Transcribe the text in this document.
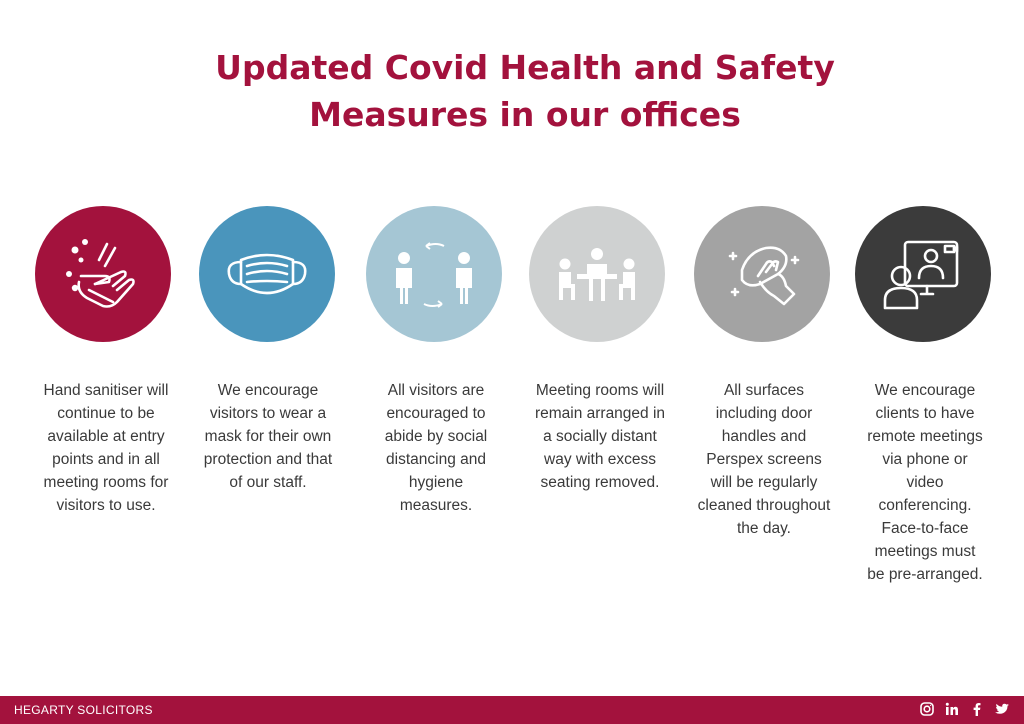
Updated Covid Health and Safety
Measures in our offices
Hand sanitiser will
continue to be
available at entry
points and in all
meeting rooms for
visitors to use.
We encourage
visitors to wear a
mask for their own
protection and that
of our staff.
All visitors are
encouraged to
abide by social
distancing and
hygiene
measures.
Meeting rooms will
remain arranged in
a socially distant
way with excess
seating removed.
All surfaces
including door
handles and
Perspex screens
will be regularly
cleaned throughout
the day.
We encourage
clients to have
remote meetings
via phone or
video
conferencing.
Face-to-face
meetings must
be pre-arranged.
HEGARTY SOLICITORS
